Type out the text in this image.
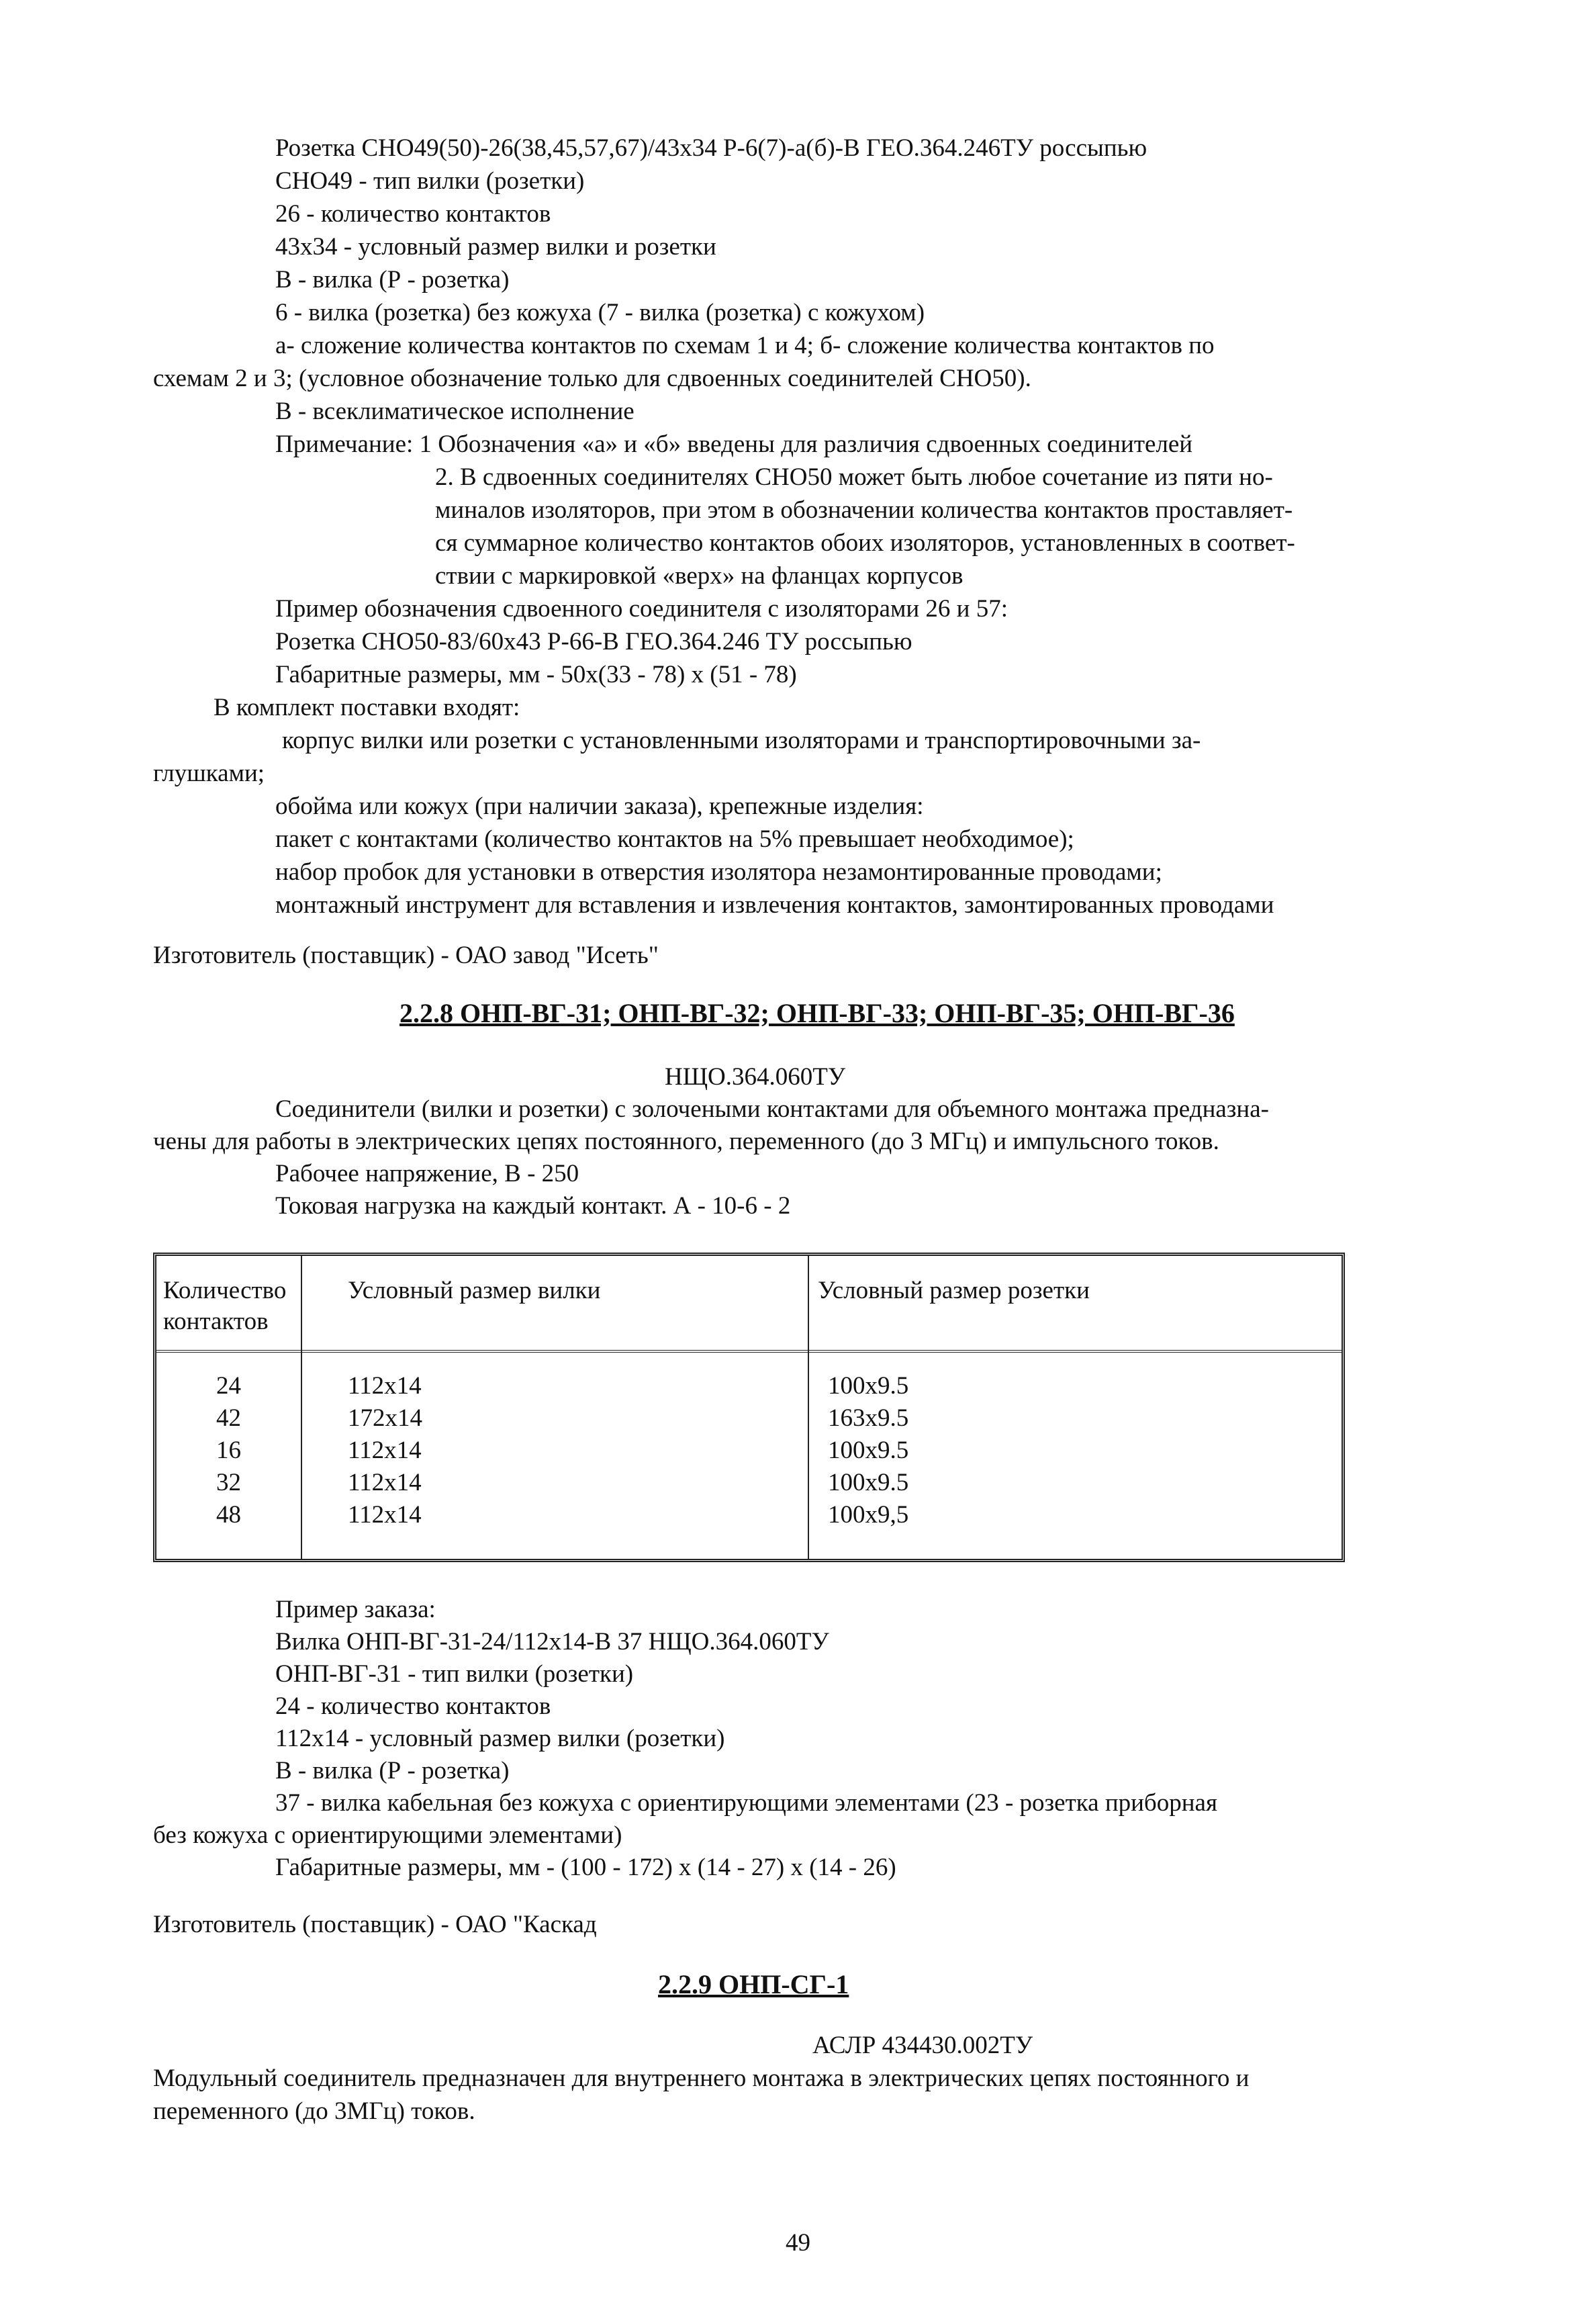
Розетка СНО49(50)-26(38,45,57,67)/43х34 Р-6(7)-а(б)-В ГЕО.364.246ТУ россыпью

СНО49 - тип вилки (розетки)

26 - количество контактов

43х34 - условный размер вилки и розетки

В - вилка (Р - розетка)

6 - вилка (розетка) без кожуха (7 - вилка (розетка) с кожухом)

а- сложение количества контактов по схемам 1 и 4; б- сложение количества контактов по

схемам 2 и 3; (условное обозначение только для сдвоенных соединителей СНО50).

В - всеклиматическое исполнение

Примечание: 1 Обозначения «а» и «б» введены для различия сдвоенных соединителей

2. В сдвоенных соединителях СНО50 может быть любое сочетание из пяти но-

миналов изоляторов, при этом в обозначении количества контактов проставляет-

ся суммарное количество контактов обоих изоляторов, установленных в соответ-

ствии с маркировкой «верх» на фланцах корпусов

Пример обозначения сдвоенного соединителя с изоляторами 26 и 57:

Розетка СНО50-83/60х43 Р-66-В ГЕО.364.246 ТУ россыпью

Габаритные размеры, мм - 50х(33 - 78) х (51 - 78)

В комплект поставки входят:

корпус вилки или розетки с установленными изоляторами и транспортировочными за-

глушками;

обойма или кожух (при наличии заказа), крепежные изделия:

пакет с контактами (количество контактов на 5% превышает необходимое);

набор пробок для установки в отверстия изолятора незамонтированные проводами;

монтажный инструмент для вставления и извлечения контактов, замонтированных проводами

Изготовитель (поставщик) - ОАО завод "Исеть"

2.2.8 ОНП-ВГ-31; ОНП-ВГ-32; ОНП-ВГ-33; ОНП-ВГ-35; ОНП-ВГ-36

НЩО.364.060ТУ

Соединители (вилки и розетки) с золочеными контактами для объемного монтажа предназна-

чены для работы в электрических цепях постоянного, переменного (до 3 МГц) и импульсного токов.

Рабочее напряжение, В - 250

Токовая нагрузка на каждый контакт. А - 10-6 - 2

Количество

контактов

Условный размер вилки	Условный размер розетки

24

42

16

32

48

112х14

172х14

112х14

112х14

112х14

100х9.5

163х9.5

100х9.5

100х9.5

100х9,5

Пример заказа:

Вилка ОНП-ВГ-31-24/112х14-В 37 НЩО.364.060ТУ

ОНП-ВГ-31 - тип вилки (розетки)

24 - количество контактов

112х14 - условный размер вилки (розетки)

В - вилка (Р - розетка)

37 - вилка кабельная без кожуха с ориентирующими элементами (23 - розетка приборная

без кожуха с ориентирующими элементами)

Габаритные размеры, мм - (100 - 172) х (14 - 27) х (14 - 26)

Изготовитель (поставщик) - ОАО "Каскад

2.2.9 ОНП-СГ-1

АСЛР 434430.002ТУ

Модульный соединитель предназначен для внутреннего монтажа в электрических цепях постоянного и

переменного (до 3МГц) токов.

49
